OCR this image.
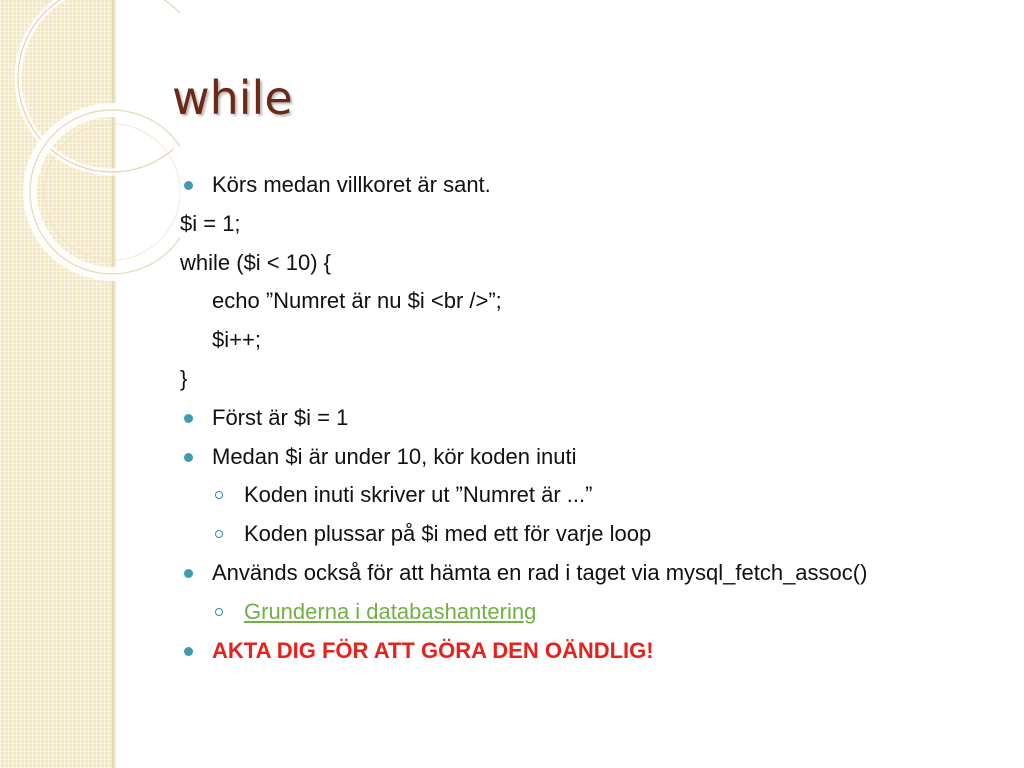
while
Körs medan villkoret är sant.
$i = 1;
while ($i < 10) {
echo ”Numret är nu $i <br />”;
$i++;
}
Först är $i = 1
Medan $i är under 10, kör koden inuti
Koden inuti skriver ut ”Numret är ...”
Koden plussar på $i med ett för varje loop
Används också för att hämta en rad i taget via mysql_fetch_assoc()
Grunderna i databashantering
AKTA DIG FÖR ATT GÖRA DEN OÄNDLIG!
